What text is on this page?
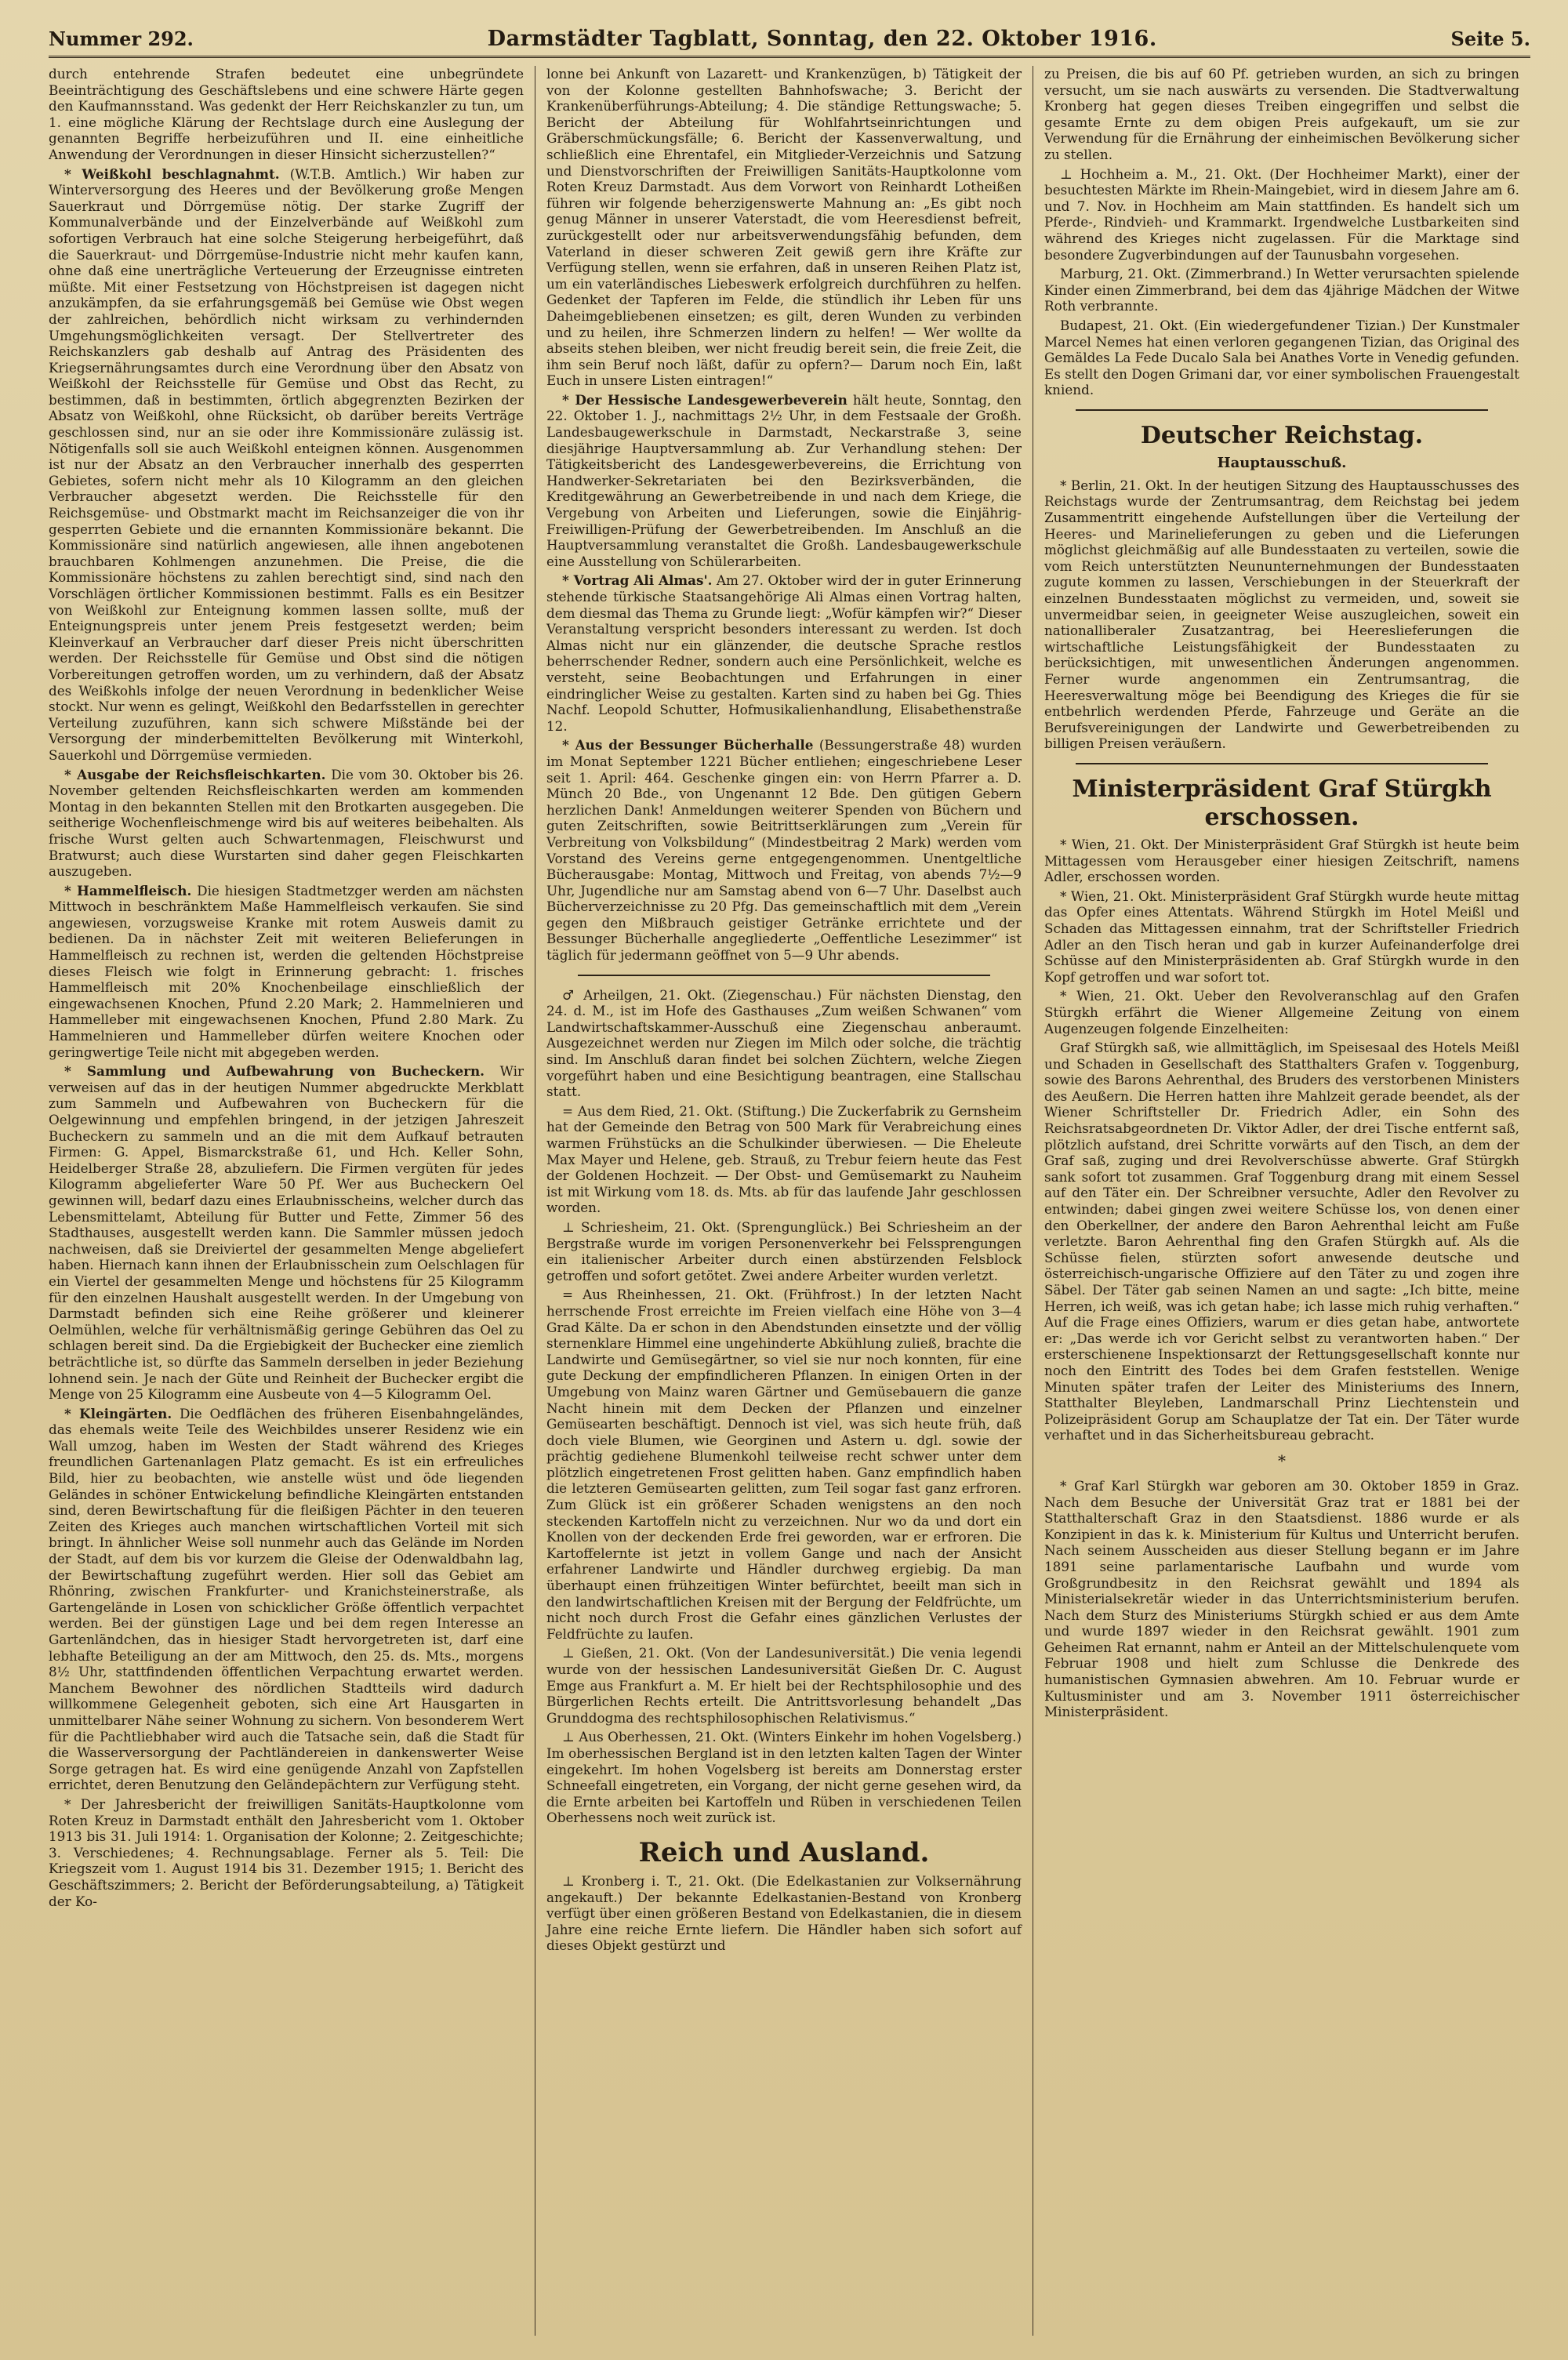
Nummer 292.	Darmstädter Tagblatt, Sonntag, den 22. Oktober 1916.	Seite 5.

durch entehrende Strafen bedeutet eine unbegründete Beeinträchtigung des Geschäftslebens und eine schwere Härte gegen den Kaufmannsstand. Was gedenkt der Herr Reichskanzler zu tun, um 1. eine mögliche Klärung der Rechtslage durch eine Auslegung der genannten Begriffe herbeizuführen und II. eine einheitliche Anwendung der Verordnungen in dieser Hinsicht sicherzustellen?“

* Weißkohl beschlagnahmt. (W.T.B. Amtlich.) Wir haben zur Winterversorgung des Heeres und der Bevölkerung große Mengen Sauerkraut und Dörrgemüse nötig. Der starke Zugriff der Kommunalverbände und der Einzelverbände auf Weißkohl zum sofortigen Verbrauch hat eine solche Steigerung herbeigeführt, daß die Sauerkraut- und Dörrgemüse-Industrie nicht mehr kaufen kann, ohne daß eine unerträgliche Verteuerung der Erzeugnisse eintreten müßte. Mit einer Festsetzung von Höchstpreisen ist dagegen nicht anzukämpfen, da sie erfahrungsgemäß bei Gemüse wie Obst wegen der zahlreichen, behördlich nicht wirksam zu verhindernden Umgehungsmöglichkeiten versagt. Der Stellvertreter des Reichskanzlers gab deshalb auf Antrag des Präsidenten des Kriegsernährungsamtes durch eine Verordnung über den Absatz von Weißkohl der Reichsstelle für Gemüse und Obst das Recht, zu bestimmen, daß in bestimmten, örtlich abgegrenzten Bezirken der Absatz von Weißkohl, ohne Rücksicht, ob darüber bereits Verträge geschlossen sind, nur an sie oder ihre Kommissionäre zulässig ist. Nötigenfalls soll sie auch Weißkohl enteignen können. Ausgenommen ist nur der Absatz an den Verbraucher innerhalb des gesperrten Gebietes, sofern nicht mehr als 10 Kilogramm an den gleichen Verbraucher abgesetzt werden. Die Reichsstelle für den Reichsgemüse- und Obstmarkt macht im Reichsanzeiger die von ihr gesperrten Gebiete und die ernannten Kommissionäre bekannt. Die Kommissionäre sind natürlich angewiesen, alle ihnen angebotenen brauchbaren Kohlmengen anzunehmen. Die Preise, die die Kommissionäre höchstens zu zahlen berechtigt sind, sind nach den Vorschlägen örtlicher Kommissionen bestimmt. Falls es ein Besitzer von Weißkohl zur Enteignung kommen lassen sollte, muß der Enteignungspreis unter jenem Preis festgesetzt werden; beim Kleinverkauf an Verbraucher darf dieser Preis nicht überschritten werden. Der Reichsstelle für Gemüse und Obst sind die nötigen Vorbereitungen getroffen worden, um zu verhindern, daß der Absatz des Weißkohls infolge der neuen Verordnung in bedenklicher Weise stockt. Nur wenn es gelingt, Weißkohl den Bedarfsstellen in gerechter Verteilung zuzuführen, kann sich schwere Mißstände bei der Versorgung der minderbemittelten Bevölkerung mit Winterkohl, Sauerkohl und Dörrgemüse vermieden.

* Ausgabe der Reichsfleischkarten. Die vom 30. Oktober bis 26. November geltenden Reichsfleischkarten werden am kommenden Montag in den bekannten Stellen mit den Brotkarten ausgegeben. Die seitherige Wochenfleischmenge wird bis auf weiteres beibehalten. Als frische Wurst gelten auch Schwartenmagen, Fleischwurst und Bratwurst; auch diese Wurstarten sind daher gegen Fleischkarten auszugeben.

* Hammelfleisch. Die hiesigen Stadtmetzger werden am nächsten Mittwoch in beschränktem Maße Hammelfleisch verkaufen. Sie sind angewiesen, vorzugsweise Kranke mit rotem Ausweis damit zu bedienen. Da in nächster Zeit mit weiteren Belieferungen in Hammelfleisch zu rechnen ist, werden die geltenden Höchstpreise dieses Fleisch wie folgt in Erinnerung gebracht: 1. frisches Hammelfleisch mit 20% Knochenbeilage einschließlich der eingewachsenen Knochen, Pfund 2.20 Mark; 2. Hammelnieren und Hammelleber mit eingewachsenen Knochen, Pfund 2.80 Mark. Zu Hammelnieren und Hammelleber dürfen weitere Knochen oder geringwertige Teile nicht mit abgegeben werden.

* Sammlung und Aufbewahrung von Bucheckern. Wir verweisen auf das in der heutigen Nummer abgedruckte Merkblatt zum Sammeln und Aufbewahren von Bucheckern für die Oelgewinnung und empfehlen bringend, in der jetzigen Jahreszeit Bucheckern zu sammeln und an die mit dem Aufkauf betrauten Firmen: G. Appel, Bismarckstraße 61, und Hch. Keller Sohn, Heidelberger Straße 28, abzuliefern. Die Firmen vergüten für jedes Kilogramm abgelieferter Ware 50 Pf. Wer aus Bucheckern Oel gewinnen will, bedarf dazu eines Erlaubnisscheins, welcher durch das Lebensmittelamt, Abteilung für Butter und Fette, Zimmer 56 des Stadthauses, ausgestellt werden kann. Die Sammler müssen jedoch nachweisen, daß sie Dreiviertel der gesammelten Menge abgeliefert haben. Hiernach kann ihnen der Erlaubnisschein zum Oelschlagen für ein Viertel der gesammelten Menge und höchstens für 25 Kilogramm für den einzelnen Haushalt ausgestellt werden. In der Umgebung von Darmstadt befinden sich eine Reihe größerer und kleinerer Oelmühlen, welche für verhältnismäßig geringe Gebühren das Oel zu schlagen bereit sind. Da die Ergiebigkeit der Buchecker eine ziemlich beträchtliche ist, so dürfte das Sammeln derselben in jeder Beziehung lohnend sein. Je nach der Güte und Reinheit der Buchecker ergibt die Menge von 25 Kilogramm eine Ausbeute von 4—5 Kilogramm Oel.

* Kleingärten. Die Oedflächen des früheren Eisenbahngeländes, das ehemals weite Teile des Weichbildes unserer Residenz wie ein Wall umzog, haben im Westen der Stadt während des Krieges freundlichen Gartenanlagen Platz gemacht. Es ist ein erfreuliches Bild, hier zu beobachten, wie anstelle wüst und öde liegenden Geländes in schöner Entwickelung befindliche Kleingärten entstanden sind, deren Bewirtschaftung für die fleißigen Pächter in den teueren Zeiten des Krieges auch manchen wirtschaftlichen Vorteil mit sich bringt. In ähnlicher Weise soll nunmehr auch das Gelände im Norden der Stadt, auf dem bis vor kurzem die Gleise der Odenwaldbahn lag, der Bewirtschaftung zugeführt werden. Hier soll das Gebiet am Rhönring, zwischen Frankfurter- und Kranichsteinerstraße, als Gartengelände in Losen von schicklicher Größe öffentlich verpachtet werden. Bei der günstigen Lage und bei dem regen Interesse an Gartenländchen, das in hiesiger Stadt hervorgetreten ist, darf eine lebhafte Beteiligung an der am Mittwoch, den 25. ds. Mts., morgens 8½ Uhr, stattfindenden öffentlichen Verpachtung erwartet werden. Manchem Bewohner des nördlichen Stadtteils wird dadurch willkommene Gelegenheit geboten, sich eine Art Hausgarten in unmittelbarer Nähe seiner Wohnung zu sichern. Von besonderem Wert für die Pachtliebhaber wird auch die Tatsache sein, daß die Stadt für die Wasserversorgung der Pachtländereien in dankenswerter Weise Sorge getragen hat. Es wird eine genügende Anzahl von Zapfstellen errichtet, deren Benutzung den Geländepächtern zur Verfügung steht.

* Der Jahresbericht der freiwilligen Sanitäts-Hauptkolonne vom Roten Kreuz in Darmstadt enthält den Jahresbericht vom 1. Oktober 1913 bis 31. Juli 1914: 1. Organisation der Kolonne; 2. Zeitgeschichte; 3. Verschiedenes; 4. Rechnungsablage. Ferner als 5. Teil: Die Kriegszeit vom 1. August 1914 bis 31. Dezember 1915; 1. Bericht des Geschäftszimmers; 2. Bericht der Beförderungsabteilung, a) Tätigkeit der Ko-

lonne bei Ankunft von Lazarett- und Krankenzügen, b) Tätigkeit der von der Kolonne gestellten Bahnhofswache; 3. Bericht der Krankenüberführungs-Abteilung; 4. Die ständige Rettungswache; 5. Bericht der Abteilung für Wohlfahrtseinrichtungen und Gräberschmückungsfälle; 6. Bericht der Kassenverwaltung, und schließlich eine Ehrentafel, ein Mitglieder-Verzeichnis und Satzung und Dienstvorschriften der Freiwilligen Sanitäts-Hauptkolonne vom Roten Kreuz Darmstadt. Aus dem Vorwort von Reinhardt Lotheißen führen wir folgende beherzigenswerte Mahnung an: „Es gibt noch genug Männer in unserer Vaterstadt, die vom Heeresdienst befreit, zurückgestellt oder nur arbeitsverwendungsfähig befunden, dem Vaterland in dieser schweren Zeit gewiß gern ihre Kräfte zur Verfügung stellen, wenn sie erfahren, daß in unseren Reihen Platz ist, um ein vaterländisches Liebeswerk erfolgreich durchführen zu helfen. Gedenket der Tapferen im Felde, die stündlich ihr Leben für uns Daheimgebliebenen einsetzen; es gilt, deren Wunden zu verbinden und zu heilen, ihre Schmerzen lindern zu helfen! — Wer wollte da abseits stehen bleiben, wer nicht freudig bereit sein, die freie Zeit, die ihm sein Beruf noch läßt, dafür zu opfern?— Darum noch Ein, laßt Euch in unsere Listen eintragen!“

* Der Hessische Landesgewerbeverein hält heute, Sonntag, den 22. Oktober 1. J., nachmittags 2½ Uhr, in dem Festsaale der Großh. Landesbaugewerkschule in Darmstadt, Neckarstraße 3, seine diesjährige Hauptversammlung ab. Zur Verhandlung stehen: Der Tätigkeitsbericht des Landesgewerbevereins, die Errichtung von Handwerker-Sekretariaten bei den Bezirksverbänden, die Kreditgewährung an Gewerbetreibende in und nach dem Kriege, die Vergebung von Arbeiten und Lieferungen, sowie die Einjährig-Freiwilligen-Prüfung der Gewerbetreibenden. Im Anschluß an die Hauptversammlung veranstaltet die Großh. Landesbaugewerkschule eine Ausstellung von Schülerarbeiten.

* Vortrag Ali Almas'. Am 27. Oktober wird der in guter Erinnerung stehende türkische Staatsangehörige Ali Almas einen Vortrag halten, dem diesmal das Thema zu Grunde liegt: „Wofür kämpfen wir?“ Dieser Veranstaltung verspricht besonders interessant zu werden. Ist doch Almas nicht nur ein glänzender, die deutsche Sprache restlos beherrschender Redner, sondern auch eine Persönlichkeit, welche es versteht, seine Beobachtungen und Erfahrungen in einer eindringlicher Weise zu gestalten. Karten sind zu haben bei Gg. Thies Nachf. Leopold Schutter, Hofmusikalienhandlung, Elisabethenstraße 12.

* Aus der Bessunger Bücherhalle (Bessungerstraße 48) wurden im Monat September 1221 Bücher entliehen; eingeschriebene Leser seit 1. April: 464. Geschenke gingen ein: von Herrn Pfarrer a. D. Münch 20 Bde., von Ungenannt 12 Bde. Den gütigen Gebern herzlichen Dank! Anmeldungen weiterer Spenden von Büchern und guten Zeitschriften, sowie Beitrittserklärungen zum „Verein für Verbreitung von Volksbildung“ (Mindestbeitrag 2 Mark) werden vom Vorstand des Vereins gerne entgegengenommen. Unentgeltliche Bücherausgabe: Montag, Mittwoch und Freitag, von abends 7½—9 Uhr, Jugendliche nur am Samstag abend von 6—7 Uhr. Daselbst auch Bücherverzeichnisse zu 20 Pfg. Das gemeinschaftlich mit dem „Verein gegen den Mißbrauch geistiger Getränke errichtete und der Bessunger Bücherhalle angegliederte „Oeffentliche Lesezimmer“ ist täglich für jedermann geöffnet von 5—9 Uhr abends.

♂ Arheilgen, 21. Okt. (Ziegenschau.) Für nächsten Dienstag, den 24. d. M., ist im Hofe des Gasthauses „Zum weißen Schwanen“ vom Landwirtschaftskammer-Ausschuß eine Ziegenschau anberaumt. Ausgezeichnet werden nur Ziegen im Milch oder solche, die trächtig sind. Im Anschluß daran findet bei solchen Züchtern, welche Ziegen vorgeführt haben und eine Besichtigung beantragen, eine Stallschau statt.

= Aus dem Ried, 21. Okt. (Stiftung.) Die Zuckerfabrik zu Gernsheim hat der Gemeinde den Betrag von 500 Mark für Verabreichung eines warmen Frühstücks an die Schulkinder überwiesen. — Die Eheleute Max Mayer und Helene, geb. Strauß, zu Trebur feiern heute das Fest der Goldenen Hochzeit. — Der Obst- und Gemüsemarkt zu Nauheim ist mit Wirkung vom 18. ds. Mts. ab für das laufende Jahr geschlossen worden.

⊥ Schriesheim, 21. Okt. (Sprengunglück.) Bei Schriesheim an der Bergstraße wurde im vorigen Personenverkehr bei Felssprengungen ein italienischer Arbeiter durch einen abstürzenden Felsblock getroffen und sofort getötet. Zwei andere Arbeiter wurden verletzt.

= Aus Rheinhessen, 21. Okt. (Frühfrost.) In der letzten Nacht herrschende Frost erreichte im Freien vielfach eine Höhe von 3—4 Grad Kälte. Da er schon in den Abendstunden einsetzte und der völlig sternenklare Himmel eine ungehinderte Abkühlung zuließ, brachte die Landwirte und Gemüsegärtner, so viel sie nur noch konnten, für eine gute Deckung der empfindlicheren Pflanzen. In einigen Orten in der Umgebung von Mainz waren Gärtner und Gemüsebauern die ganze Nacht hinein mit dem Decken der Pflanzen und einzelner Gemüsearten beschäftigt. Dennoch ist viel, was sich heute früh, daß doch viele Blumen, wie Georginen und Astern u. dgl. sowie der prächtig gediehene Blumenkohl teilweise recht schwer unter dem plötzlich eingetretenen Frost gelitten haben. Ganz empfindlich haben die letzteren Gemüsearten gelitten, zum Teil sogar fast ganz erfroren. Zum Glück ist ein größerer Schaden wenigstens an den noch steckenden Kartoffeln nicht zu verzeichnen. Nur wo da und dort ein Knollen von der deckenden Erde frei geworden, war er erfroren. Die Kartoffelernte ist jetzt in vollem Gange und nach der Ansicht erfahrener Landwirte und Händler durchweg ergiebig. Da man überhaupt einen frühzeitigen Winter befürchtet, beeilt man sich in den landwirtschaftlichen Kreisen mit der Bergung der Feldfrüchte, um nicht noch durch Frost die Gefahr eines gänzlichen Verlustes der Feldfrüchte zu laufen.

⊥ Gießen, 21. Okt. (Von der Landesuniversität.) Die venia legendi wurde von der hessischen Landesuniversität Gießen Dr. C. August Emge aus Frankfurt a. M. Er hielt bei der Rechtsphilosophie und des Bürgerlichen Rechts erteilt. Die Antrittsvorlesung behandelt „Das Grunddogma des rechtsphilosophischen Relativismus.“

⊥ Aus Oberhessen, 21. Okt. (Winters Einkehr im hohen Vogelsberg.) Im oberhessischen Bergland ist in den letzten kalten Tagen der Winter eingekehrt. Im hohen Vogelsberg ist bereits am Donnerstag erster Schneefall eingetreten, ein Vorgang, der nicht gerne gesehen wird, da die Ernte arbeiten bei Kartoffeln und Rüben in verschiedenen Teilen Oberhessens noch weit zurück ist.

Reich und Ausland.

⊥ Kronberg i. T., 21. Okt. (Die Edelkastanien zur Volksernährung angekauft.) Der bekannte Edelkastanien-Bestand von Kronberg verfügt über einen größeren Bestand von Edelkastanien, die in diesem Jahre eine reiche Ernte liefern. Die Händler haben sich sofort auf dieses Objekt gestürzt und

zu Preisen, die bis auf 60 Pf. getrieben wurden, an sich zu bringen versucht, um sie nach auswärts zu versenden. Die Stadtverwaltung Kronberg hat gegen dieses Treiben eingegriffen und selbst die gesamte Ernte zu dem obigen Preis aufgekauft, um sie zur Verwendung für die Ernährung der einheimischen Bevölkerung sicher zu stellen.

⊥ Hochheim a. M., 21. Okt. (Der Hochheimer Markt), einer der besuchtesten Märkte im Rhein-Maingebiet, wird in diesem Jahre am 6. und 7. Nov. in Hochheim am Main stattfinden. Es handelt sich um Pferde-, Rindvieh- und Krammarkt. Irgendwelche Lustbarkeiten sind während des Krieges nicht zugelassen. Für die Marktage sind besondere Zugverbindungen auf der Taunusbahn vorgesehen.

Marburg, 21. Okt. (Zimmerbrand.) In Wetter verursachten spielende Kinder einen Zimmerbrand, bei dem das 4jährige Mädchen der Witwe Roth verbrannte.

Budapest, 21. Okt. (Ein wiedergefundener Tizian.) Der Kunstmaler Marcel Nemes hat einen verloren gegangenen Tizian, das Original des Gemäldes La Fede Ducalo Sala bei Anathes Vorte in Venedig gefunden. Es stellt den Dogen Grimani dar, vor einer symbolischen Frauengestalt kniend.

Deutscher Reichstag.
Hauptausschuß.

* Berlin, 21. Okt. In der heutigen Sitzung des Hauptausschusses des Reichstags wurde der Zentrumsantrag, dem Reichstag bei jedem Zusammentritt eingehende Aufstellungen über die Verteilung der Heeres- und Marinelieferungen zu geben und die Lieferungen möglichst gleichmäßig auf alle Bundesstaaten zu verteilen, sowie die vom Reich unterstützten Neununternehmungen der Bundesstaaten zugute kommen zu lassen, Verschiebungen in der Steuerkraft der einzelnen Bundesstaaten möglichst zu vermeiden, und, soweit sie unvermeidbar seien, in geeigneter Weise auszugleichen, soweit ein nationalliberaler Zusatzantrag, bei Heereslieferungen die wirtschaftliche Leistungsfähigkeit der Bundesstaaten zu berücksichtigen, mit unwesentlichen Änderungen angenommen. Ferner wurde angenommen ein Zentrumsantrag, die Heeresverwaltung möge bei Beendigung des Krieges die für sie entbehrlich werdenden Pferde, Fahrzeuge und Geräte an die Berufsvereinigungen der Landwirte und Gewerbetreibenden zu billigen Preisen veräußern.

Ministerpräsident Graf Stürgkh erschossen.

* Wien, 21. Okt. Der Ministerpräsident Graf Stürgkh ist heute beim Mittagessen vom Herausgeber einer hiesigen Zeitschrift, namens Adler, erschossen worden.

* Wien, 21. Okt. Ministerpräsident Graf Stürgkh wurde heute mittag das Opfer eines Attentats. Während Stürgkh im Hotel Meißl und Schaden das Mittagessen einnahm, trat der Schriftsteller Friedrich Adler an den Tisch heran und gab in kurzer Aufeinanderfolge drei Schüsse auf den Ministerpräsidenten ab. Graf Stürgkh wurde in den Kopf getroffen und war sofort tot.

* Wien, 21. Okt. Ueber den Revolveranschlag auf den Grafen Stürgkh erfährt die Wiener Allgemeine Zeitung von einem Augenzeugen folgende Einzelheiten:

Graf Stürgkh saß, wie allmittäglich, im Speisesaal des Hotels Meißl und Schaden in Gesellschaft des Statthalters Grafen v. Toggenburg, sowie des Barons Aehrenthal, des Bruders des verstorbenen Ministers des Aeußern. Die Herren hatten ihre Mahlzeit gerade beendet, als der Wiener Schriftsteller Dr. Friedrich Adler, ein Sohn des Reichsratsabgeordneten Dr. Viktor Adler, der drei Tische entfernt saß, plötzlich aufstand, drei Schritte vorwärts auf den Tisch, an dem der Graf saß, zuging und drei Revolverschüsse abwerte. Graf Stürgkh sank sofort tot zusammen. Graf Toggenburg drang mit einem Sessel auf den Täter ein. Der Schreibner versuchte, Adler den Revolver zu entwinden; dabei gingen zwei weitere Schüsse los, von denen einer den Oberkellner, der andere den Baron Aehrenthal leicht am Fuße verletzte. Baron Aehrenthal fing den Grafen Stürgkh auf. Als die Schüsse fielen, stürzten sofort anwesende deutsche und österreichisch-ungarische Offiziere auf den Täter zu und zogen ihre Säbel. Der Täter gab seinen Namen an und sagte: „Ich bitte, meine Herren, ich weiß, was ich getan habe; ich lasse mich ruhig verhaften.“ Auf die Frage eines Offiziers, warum er dies getan habe, antwortete er: „Das werde ich vor Gericht selbst zu verantworten haben.“ Der ersterschienene Inspektionsarzt der Rettungsgesellschaft konnte nur noch den Eintritt des Todes bei dem Grafen feststellen. Wenige Minuten später trafen der Leiter des Ministeriums des Innern, Statthalter Bleyleben, Landmarschall Prinz Liechtenstein und Polizeipräsident Gorup am Schauplatze der Tat ein. Der Täter wurde verhaftet und in das Sicherheitsbureau gebracht.

*

* Graf Karl Stürgkh war geboren am 30. Oktober 1859 in Graz. Nach dem Besuche der Universität Graz trat er 1881 bei der Statthalterschaft Graz in den Staatsdienst. 1886 wurde er als Konzipient in das k. k. Ministerium für Kultus und Unterricht berufen. Nach seinem Ausscheiden aus dieser Stellung begann er im Jahre 1891 seine parlamentarische Laufbahn und wurde vom Großgrundbesitz in den Reichsrat gewählt und 1894 als Ministerialsekretär wieder in das Unterrichtsministerium berufen. Nach dem Sturz des Ministeriums Stürgkh schied er aus dem Amte und wurde 1897 wieder in den Reichsrat gewählt. 1901 zum Geheimen Rat ernannt, nahm er Anteil an der Mittelschulenquete vom Februar 1908 und hielt zum Schlusse die Denkrede des humanistischen Gymnasien abwehren. Am 10. Februar wurde er Kultusminister und am 3. November 1911 österreichischer Ministerpräsident.
